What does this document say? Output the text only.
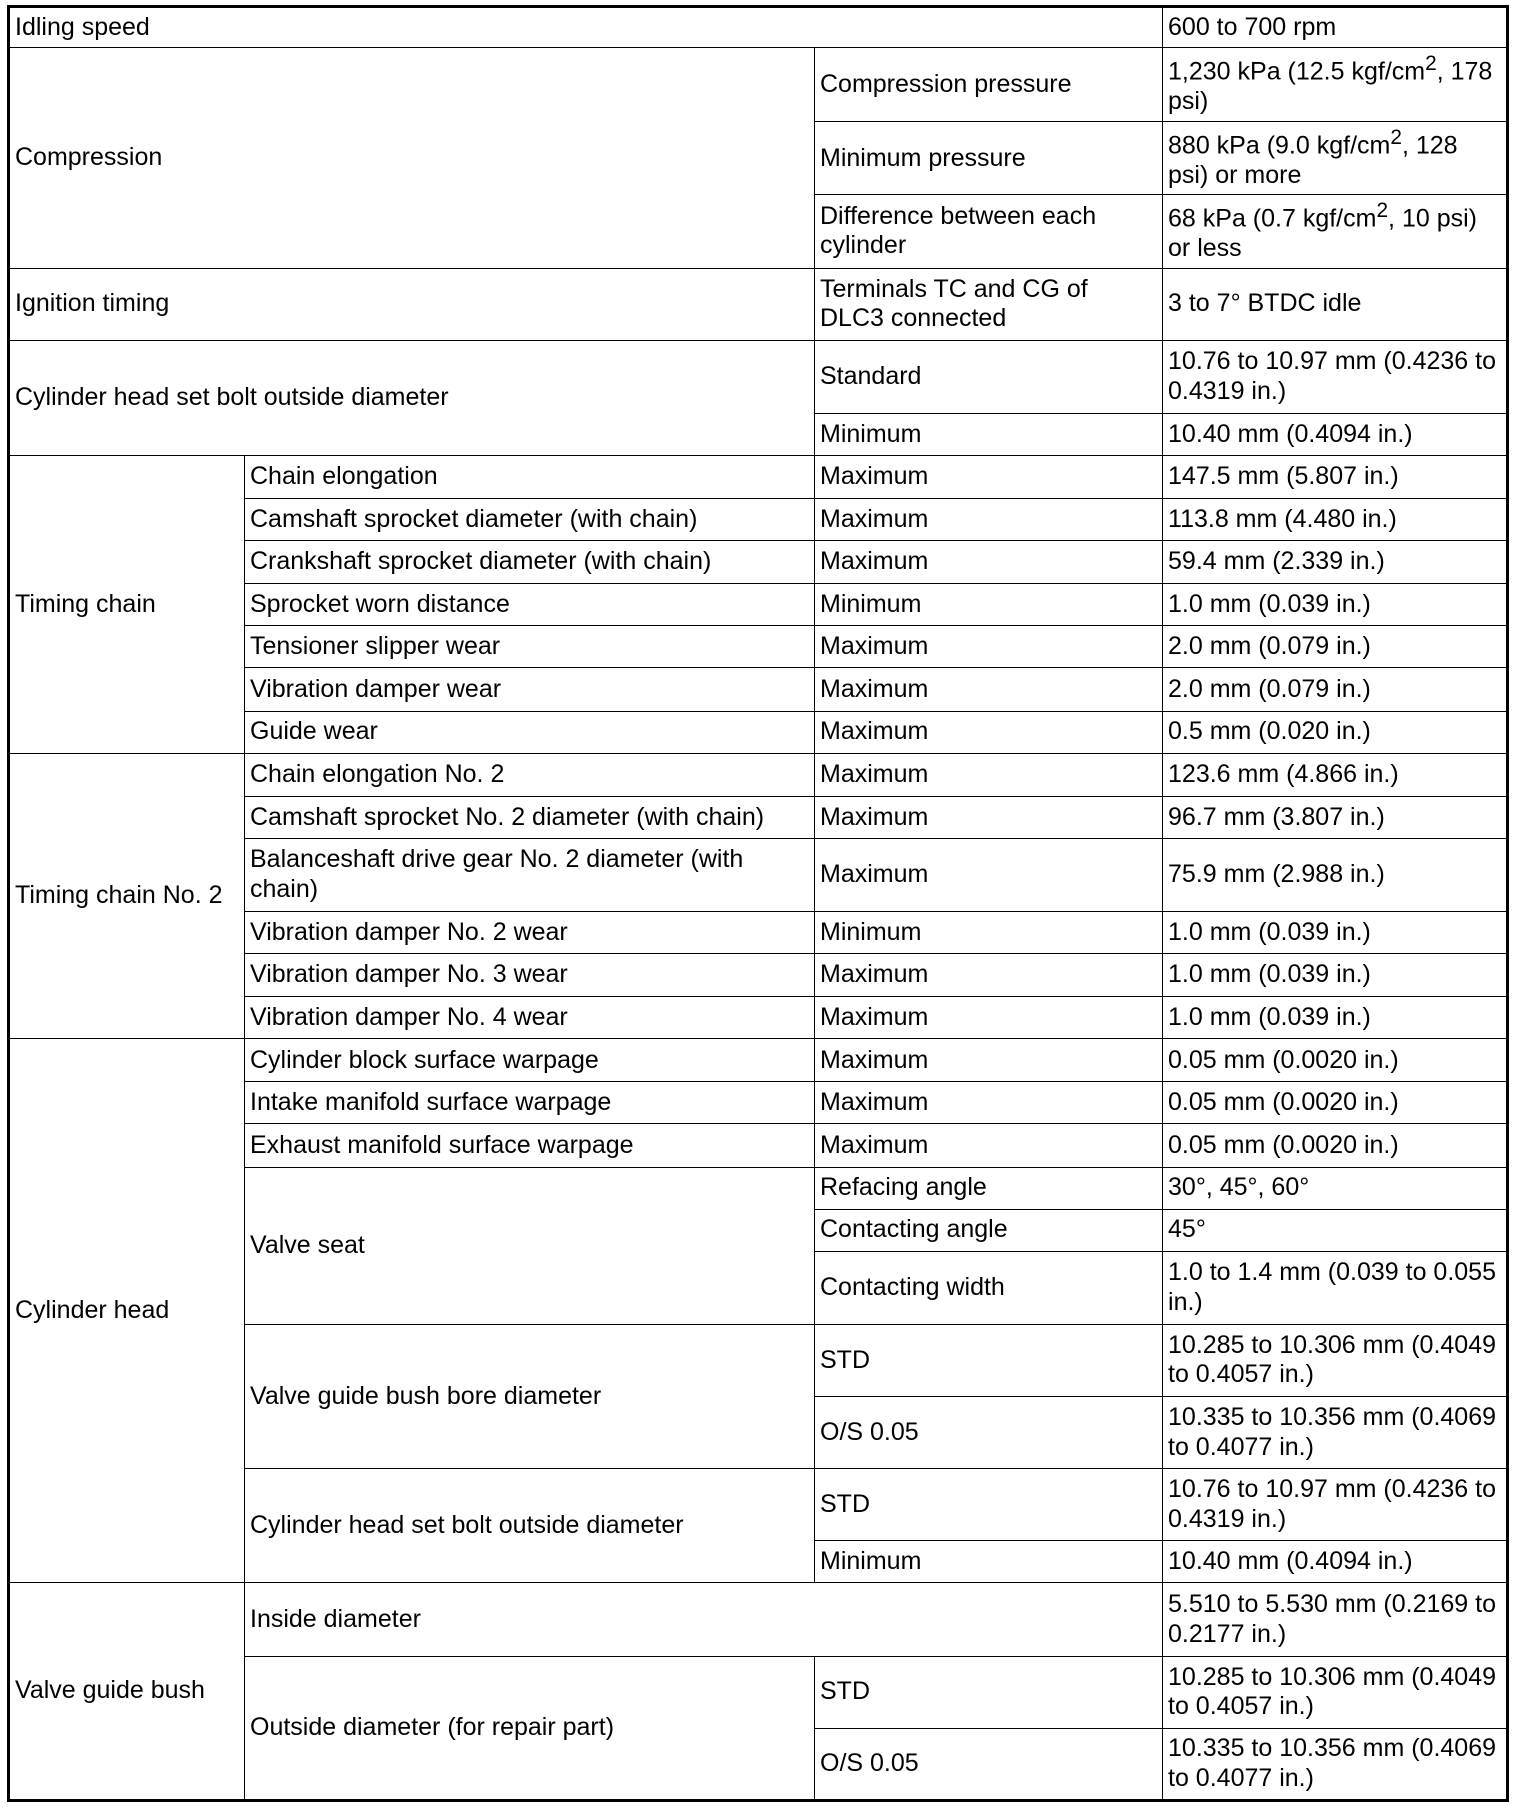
Idling speed			600 to 700 rpm
Compression		Compression pressure	1,230 kPa (12.5 kgf/$cm^2$, 178 psi)
		Minimum pressure	880 kPa (9.0 kgf/$cm^2$, 128 psi) or more
		Difference between each cylinder	68 kPa (0.7 kgf/$cm^2$, 10 psi) or less
Ignition timing		Terminals TC and CG of DLC3 connected	3 to 7° BTDC idle
Cylinder head set bolt outside diameter		Standard	10.76 to 10.97 mm (0.4236 to 0.4319 in.)
		Minimum	10.40 mm (0.4094 in.)
Timing chain	Chain elongation	Maximum	147.5 mm (5.807 in.)
	Camshaft sprocket diameter (with chain)	Maximum	113.8 mm (4.480 in.)
	Crankshaft sprocket diameter (with chain)	Maximum	59.4 mm (2.339 in.)
	Sprocket worn distance	Minimum	1.0 mm (0.039 in.)
	Tensioner slipper wear	Maximum	2.0 mm (0.079 in.)
	Vibration damper wear	Maximum	2.0 mm (0.079 in.)
	Guide wear	Maximum	0.5 mm (0.020 in.)
Timing chain No. 2	Chain elongation No. 2	Maximum	123.6 mm (4.866 in.)
	Camshaft sprocket No. 2 diameter (with chain)	Maximum	96.7 mm (3.807 in.)
	Balanceshaft drive gear No. 2 diameter (with chain)	Maximum	75.9 mm (2.988 in.)
	Vibration damper No. 2 wear	Minimum	1.0 mm (0.039 in.)
	Vibration damper No. 3 wear	Maximum	1.0 mm (0.039 in.)
	Vibration damper No. 4 wear	Maximum	1.0 mm (0.039 in.)
Cylinder head	Cylinder block surface warpage	Maximum	0.05 mm (0.0020 in.)
	Intake manifold surface warpage	Maximum	0.05 mm (0.0020 in.)
	Exhaust manifold surface warpage	Maximum	0.05 mm (0.0020 in.)
	Valve seat	Refacing angle	30°, 45°, 60°
		Contacting angle	45°
		Contacting width	1.0 to 1.4 mm (0.039 to 0.055 in.)
	Valve guide bush bore diameter	STD	10.285 to 10.306 mm (0.4049 to 0.4057 in.)
		O/S 0.05	10.335 to 10.356 mm (0.4069 to 0.4077 in.)
	Cylinder head set bolt outside diameter	STD	10.76 to 10.97 mm (0.4236 to 0.4319 in.)
		Minimum	10.40 mm (0.4094 in.)
Valve guide bush	Inside diameter		5.510 to 5.530 mm (0.2169 to 0.2177 in.)
	Outside diameter (for repair part)	STD	10.285 to 10.306 mm (0.4049 to 0.4057 in.)
		O/S 0.05	10.335 to 10.356 mm (0.4069 to 0.4077 in.)
